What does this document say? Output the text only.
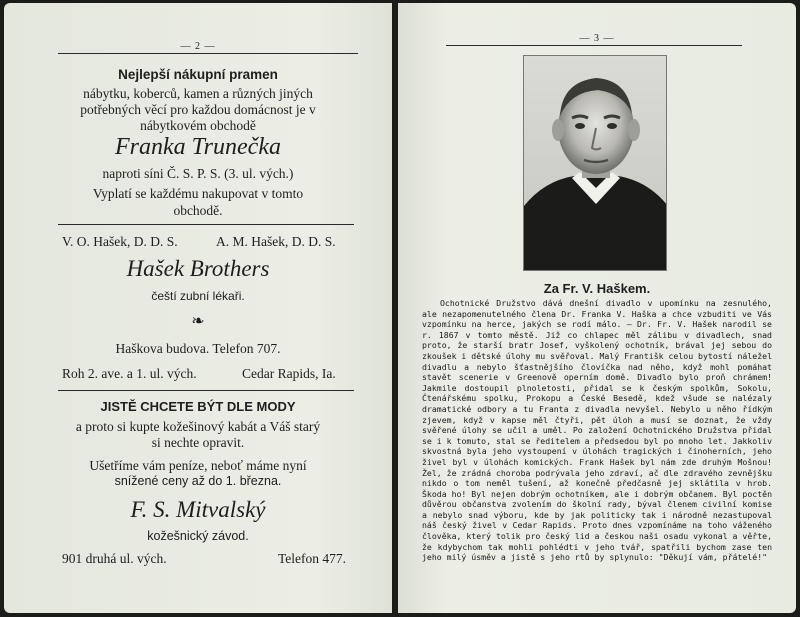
— 2 —
Nejlepší nákupní pramen
nábytku, koberců, kamen a různých jiných
potřebných věcí pro každou domácnost je v
nábytkovém obchodě
Franka Trunečka
naproti síni Č. S. P. S. (3. ul. vých.)
Vyplatí se každému nakupovat v tomto
obchodě.
V. O. Hašek, D. D. S.	A. M. Hašek, D. D. S.
Hašek Brothers
čeští zubní lékaři.
❧
Haškova budova. Telefon 707.
Roh 2. ave. a 1. ul. vých.	Cedar Rapids, Ia.
JISTĚ CHCETE BÝT DLE MODY
a proto si kupte kožešinový kabát a Váš starý
si nechte opravit.
Ušetříme vám peníze, neboť máme nyní
snížené ceny až do 1. března.
F. S. Mitvalský
kožešnický závod.
901 druhá ul. vých.	Telefon 477.
— 3 —
Za Fr. V. Haškem.
Ochotnické Družstvo dává dnešní divadlo v upomínku na zesnulého, ale nezapomenutelného člena Dr. Franka V. Haška a chce vzbuditi ve Vás vzpomínku na herce, jakých se rodí málo. — Dr. Fr. V. Hašek narodil se r. 1867 v tomto městě. Již co chlapec měl zálibu v divadlech, snad proto, že starší bratr Josef, vyškolený ochotník, brával jej sebou do zkoušek i dětské úlohy mu svěřoval. Malý Františk celou bytostí náležel divadlu a nebylo šťastnějšího človíčka nad něho, když mohl pomáhat stavět scenerie v Greenově operním domě. Divadlo bylo proň chrámem! Jakmile dostoupil plnoletosti, přidal se k českým spolkům, Sokolu, Čtenářskému spolku, Prokopu a České Besedě, kdež všude se nalézaly dramatické odbory a tu Franta z divadla nevyšel. Nebylo u něho řídkým zjevem, když v kapse měl čtyři, pět úloh a musí se doznat, že vždy svěřené úlohy se učil a uměl. Po založení Ochotnického Družstva přidal se i k tomuto, stal se ředitelem a předsedou byl po mnoho let. Jakkoliv skvostná byla jeho vystoupení v úlohách tragických i činoherních, jeho živel byl v úlohách komických. Frank Hašek byl nám zde druhým Mošnou! Žel, že zrádná choroba podrývala jeho zdraví, ač dle zdravého zevnějšku nikdo o tom neměl tušení, až konečně předčasně jej sklátila v hrob. Škoda ho! Byl nejen dobrým ochotníkem, ale i dobrým občanem. Byl poctěn důvěrou občanstva zvolením do školní rady, býval členem civilní komise a nebylo snad výboru, kde by jak politicky tak i národně nezastupoval náš český živel v Cedar Rapids. Proto dnes vzpomínáme na toho váženého člověka, který tolik pro český lid a českou naši osadu vykonal a věřte, že kdybychom tak mohli pohlédti v jeho tvář, spatřili bychom zase ten jeho milý úsměv a jistě s jeho rtů by splynulo: "Děkují vám, přátelé!"
